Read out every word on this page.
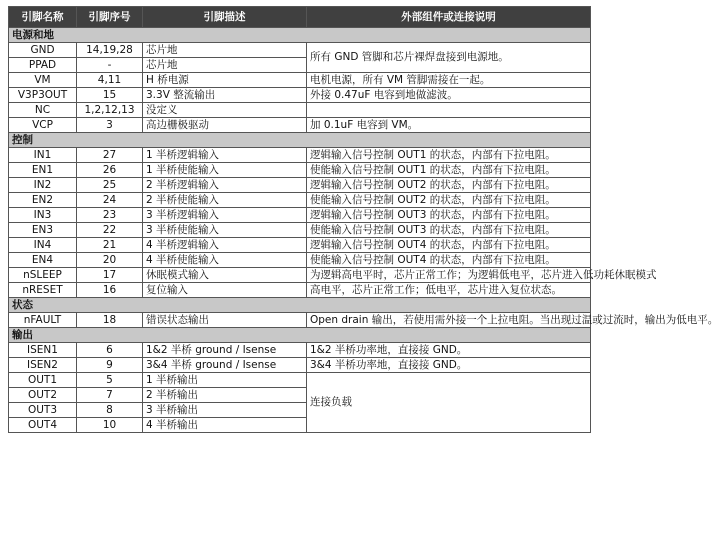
引脚名称	引脚序号	引脚描述	外部组件或连接说明
电源和地			
GND	14,19,28	芯片地	所有 GND 管脚和芯片裸焊盘接到电源地。
PPAD	-	芯片地	
VM	4,11	H 桥电源	电机电源，所有 VM 管脚需接在一起。
V3P3OUT	15	3.3V 整流输出	外接 0.47uF 电容到地做滤波。
NC	1,2,12,13	没定义	
VCP	3	高边栅极驱动	加 0.1uF 电容到 VM。
控制			
IN1	27	1 半桥逻辑输入	逻辑输入信号控制 OUT1 的状态，内部有下拉电阻。
EN1	26	1 半桥使能输入	使能输入信号控制 OUT1 的状态，内部有下拉电阻。
IN2	25	2 半桥逻辑输入	逻辑输入信号控制 OUT2 的状态，内部有下拉电阻。
EN2	24	2 半桥使能输入	使能输入信号控制 OUT2 的状态，内部有下拉电阻。
IN3	23	3 半桥逻辑输入	逻辑输入信号控制 OUT3 的状态，内部有下拉电阻。
EN3	22	3 半桥使能输入	使能输入信号控制 OUT3 的状态，内部有下拉电阻。
IN4	21	4 半桥逻辑输入	逻辑输入信号控制 OUT4 的状态，内部有下拉电阻。
EN4	20	4 半桥使能输入	使能输入信号控制 OUT4 的状态，内部有下拉电阻。
nSLEEP	17	休眠模式输入	为逻辑高电平时，芯片正常工作；为逻辑低电平，芯片进入低功耗休眠模式
nRESET	16	复位输入	高电平，芯片正常工作；低电平，芯片进入复位状态。
状态			
nFAULT	18	错误状态输出	Open drain 输出，若使用需外接一个上拉电阻。当出现过温或过流时，输出为低电平。
输出			
ISEN1	6	1&2 半桥 ground / Isense	1&2 半桥功率地，直接接 GND。
ISEN2	9	3&4 半桥 ground / Isense	3&4 半桥功率地，直接接 GND。
OUT1	5	1 半桥输出	连接负载
OUT2	7	2 半桥输出	
OUT3	8	3 半桥输出	
OUT4	10	4 半桥输出	
